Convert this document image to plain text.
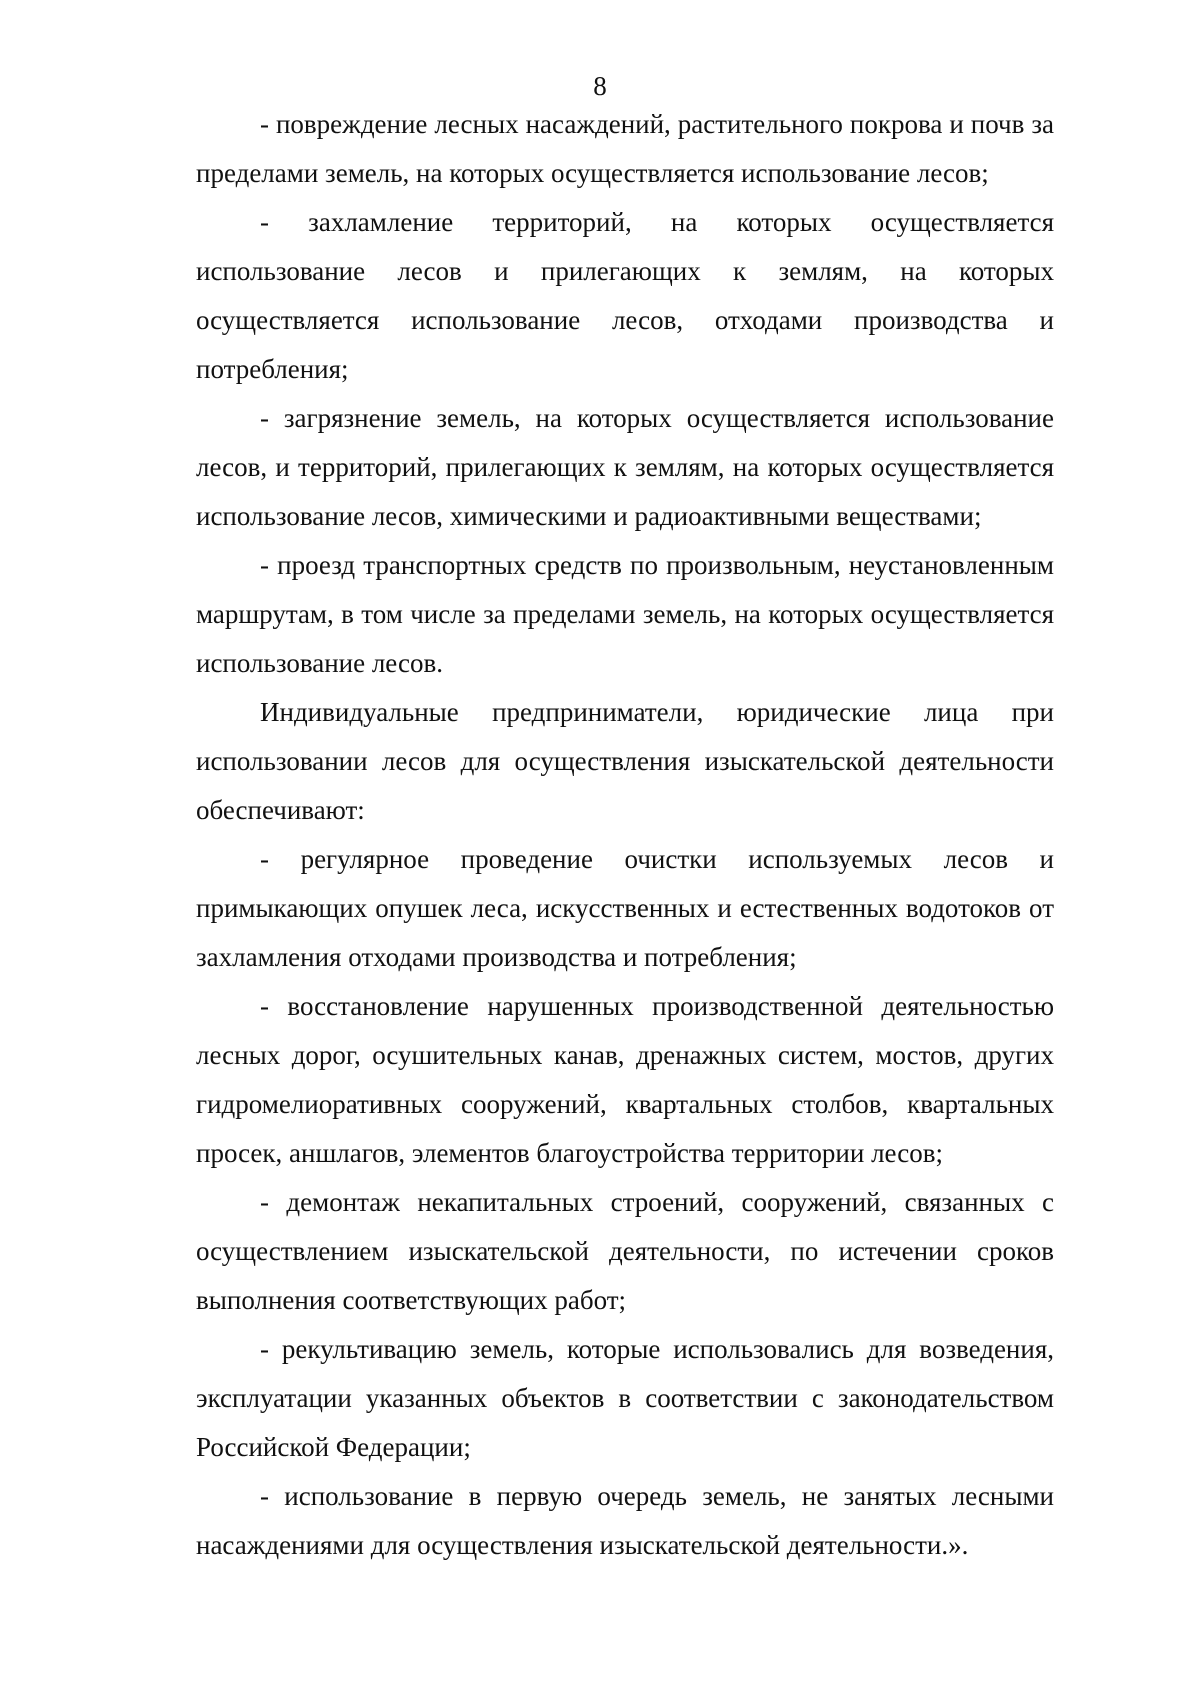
8

- повреждение лесных насаждений, растительного покрова и почв за пределами земель, на которых осуществляется использование лесов;

- захламление территорий, на которых осуществляется использование лесов и прилегающих к землям, на которых осуществляется использование лесов, отходами производства и потребления;

- загрязнение земель, на которых осуществляется использование лесов, и территорий, прилегающих к землям, на которых осуществляется использование лесов, химическими и радиоактивными веществами;

- проезд транспортных средств по произвольным, неустановленным маршрутам, в том числе за пределами земель, на которых осуществляется использование лесов.

Индивидуальные предприниматели, юридические лица при использовании лесов для осуществления изыскательской деятельности обеспечивают:

- регулярное проведение очистки используемых лесов и примыкающих опушек леса, искусственных и естественных водотоков от захламления отходами производства и потребления;

- восстановление нарушенных производственной деятельностью лесных дорог, осушительных канав, дренажных систем, мостов, других гидромелиоративных сооружений, квартальных столбов, квартальных просек, аншлагов, элементов благоустройства территории лесов;

- демонтаж некапитальных строений, сооружений, связанных с осуществлением изыскательской деятельности, по истечении сроков выполнения соответствующих работ;

- рекультивацию земель, которые использовались для возведения, эксплуатации указанных объектов в соответствии с законодательством Российской Федерации;

- использование в первую очередь земель, не занятых лесными насаждениями для осуществления изыскательской деятельности.».
